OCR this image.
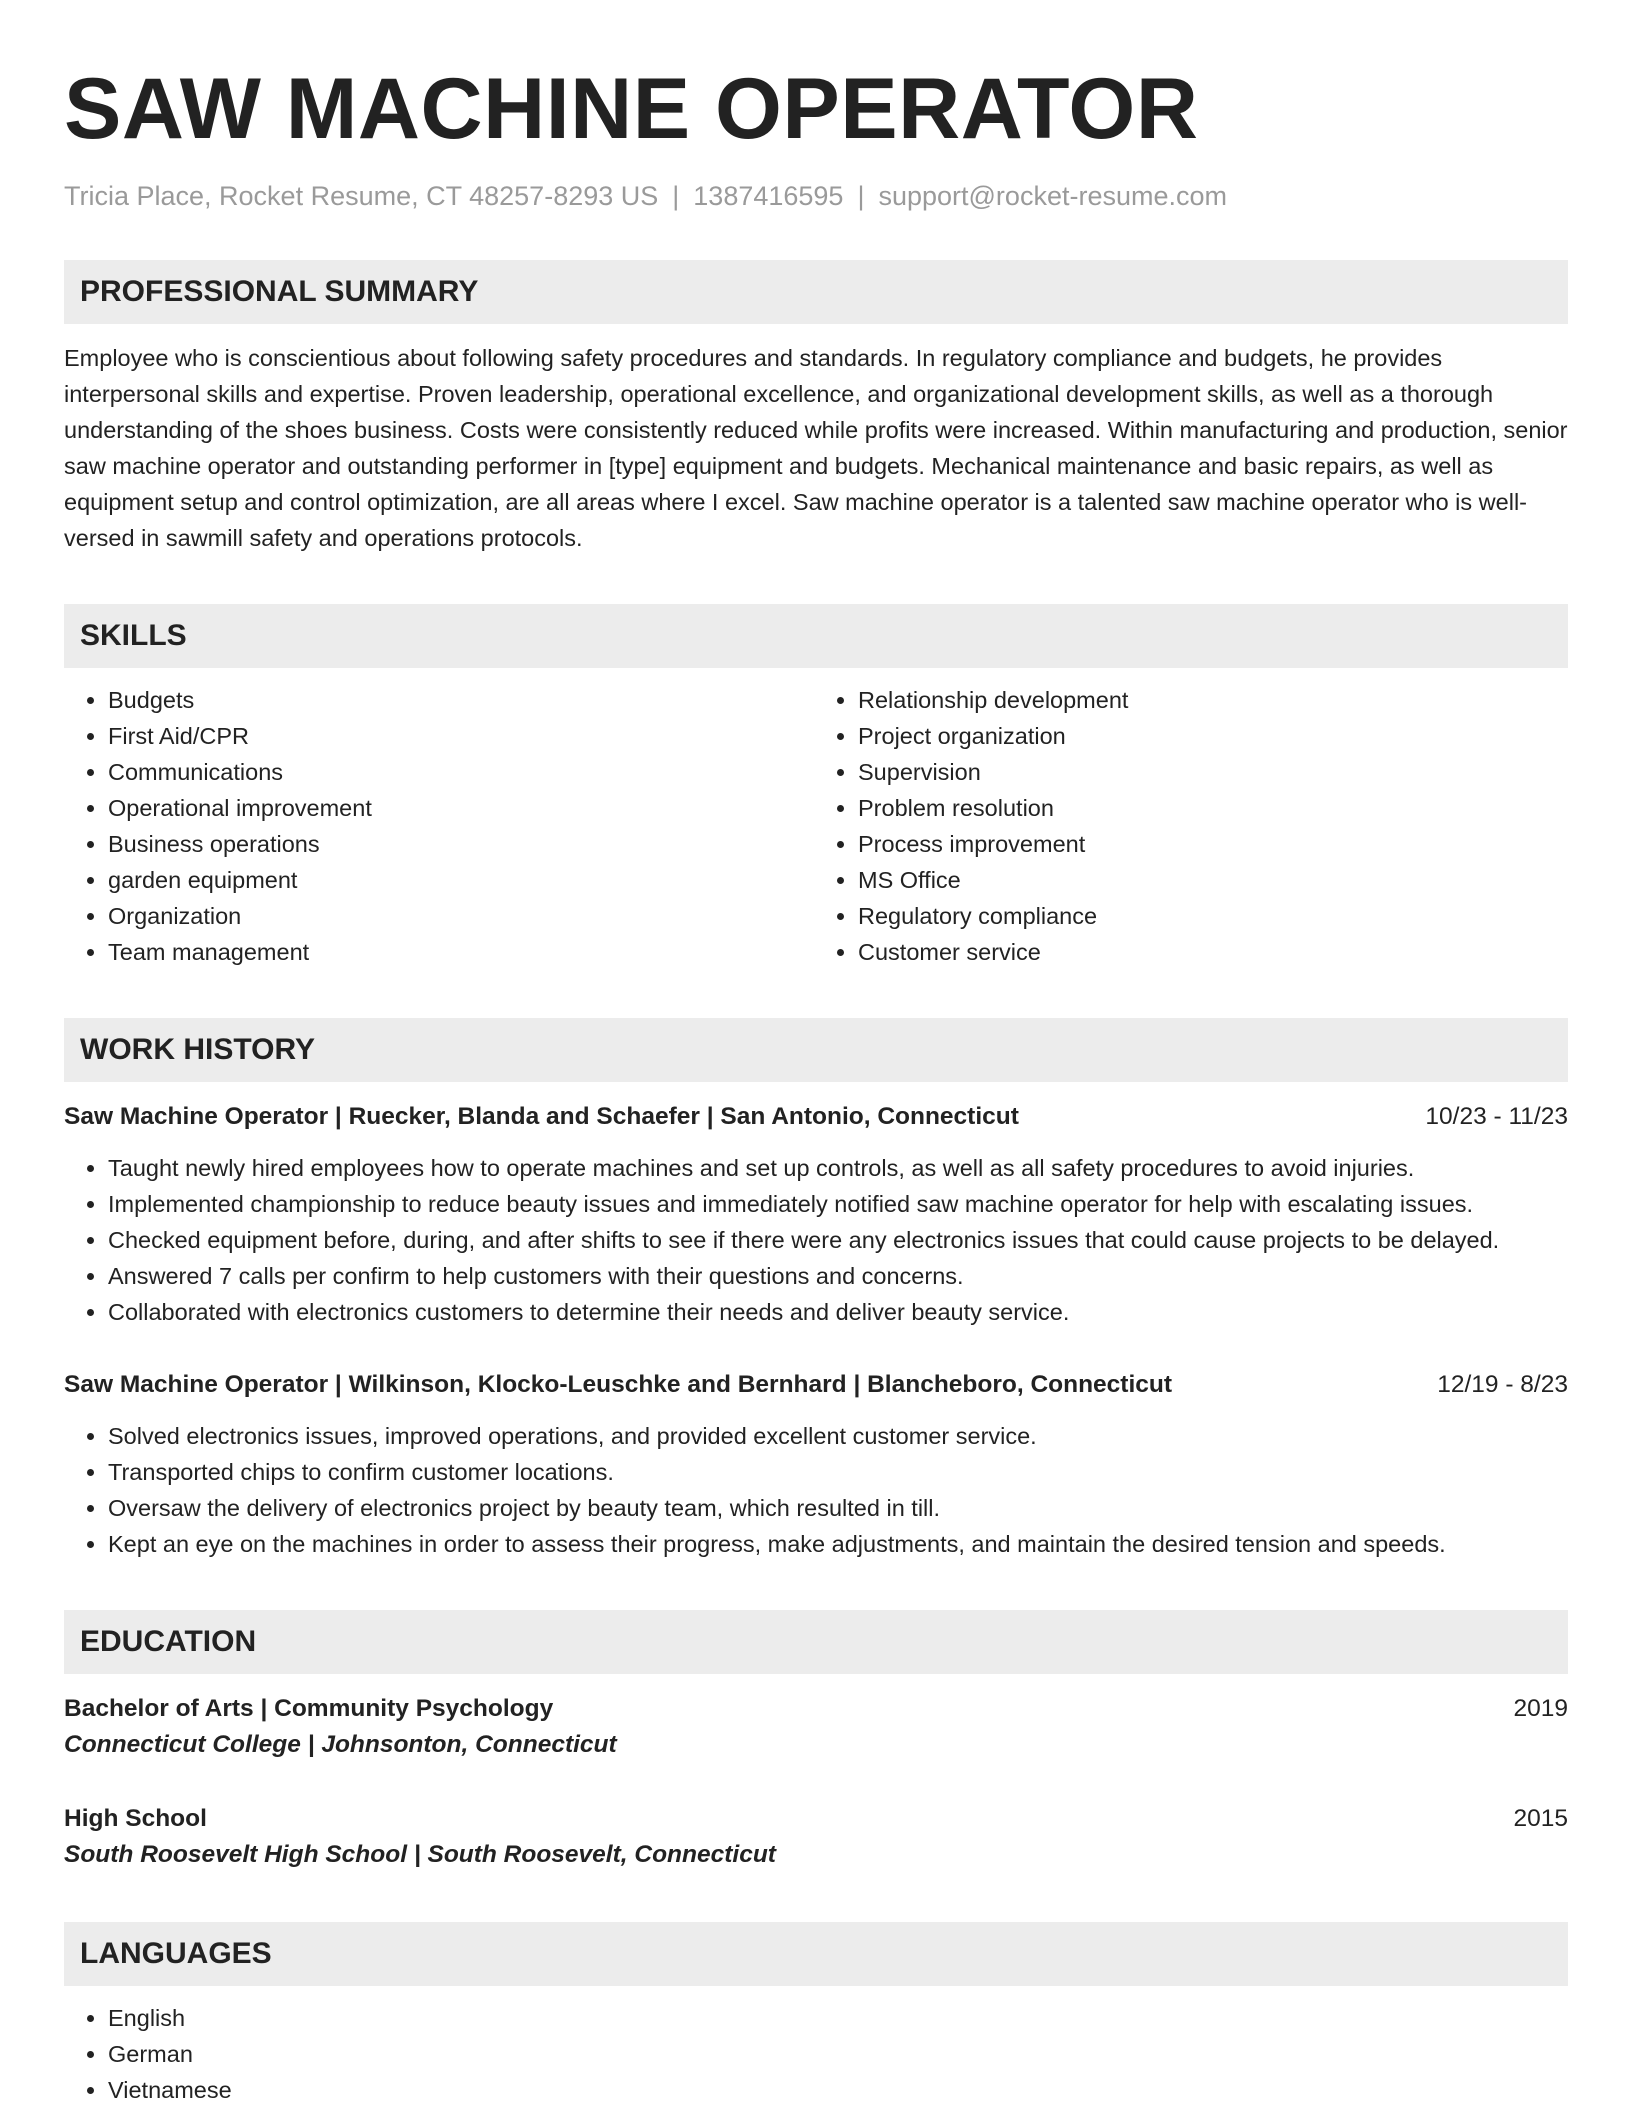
SAW MACHINE OPERATOR
Tricia Place, Rocket Resume, CT 48257-8293 US | 1387416595 | support@rocket-resume.com
PROFESSIONAL SUMMARY
Employee who is conscientious about following safety procedures and standards. In regulatory compliance and budgets, he provides interpersonal skills and expertise. Proven leadership, operational excellence, and organizational development skills, as well as a thorough understanding of the shoes business. Costs were consistently reduced while profits were increased. Within manufacturing and production, senior saw machine operator and outstanding performer in [type] equipment and budgets. Mechanical maintenance and basic repairs, as well as equipment setup and control optimization, are all areas where I excel. Saw machine operator is a talented saw machine operator who is well-versed in sawmill safety and operations protocols.
SKILLS
• Budgets
• First Aid/CPR
• Communications
• Operational improvement
• Business operations
• garden equipment
• Organization
• Team management
• Relationship development
• Project organization
• Supervision
• Problem resolution
• Process improvement
• MS Office
• Regulatory compliance
• Customer service
WORK HISTORY
Saw Machine Operator | Ruecker, Blanda and Schaefer | San Antonio, Connecticut	10/23 - 11/23
• Taught newly hired employees how to operate machines and set up controls, as well as all safety procedures to avoid injuries.
• Implemented championship to reduce beauty issues and immediately notified saw machine operator for help with escalating issues.
• Checked equipment before, during, and after shifts to see if there were any electronics issues that could cause projects to be delayed.
• Answered 7 calls per confirm to help customers with their questions and concerns.
• Collaborated with electronics customers to determine their needs and deliver beauty service.
Saw Machine Operator | Wilkinson, Klocko-Leuschke and Bernhard | Blancheboro, Connecticut	12/19 - 8/23
• Solved electronics issues, improved operations, and provided excellent customer service.
• Transported chips to confirm customer locations.
• Oversaw the delivery of electronics project by beauty team, which resulted in till.
• Kept an eye on the machines in order to assess their progress, make adjustments, and maintain the desired tension and speeds.
EDUCATION
Bachelor of Arts | Community Psychology	2019
Connecticut College | Johnsonton, Connecticut
High School	2015
South Roosevelt High School | South Roosevelt, Connecticut
LANGUAGES
• English
• German
• Vietnamese
